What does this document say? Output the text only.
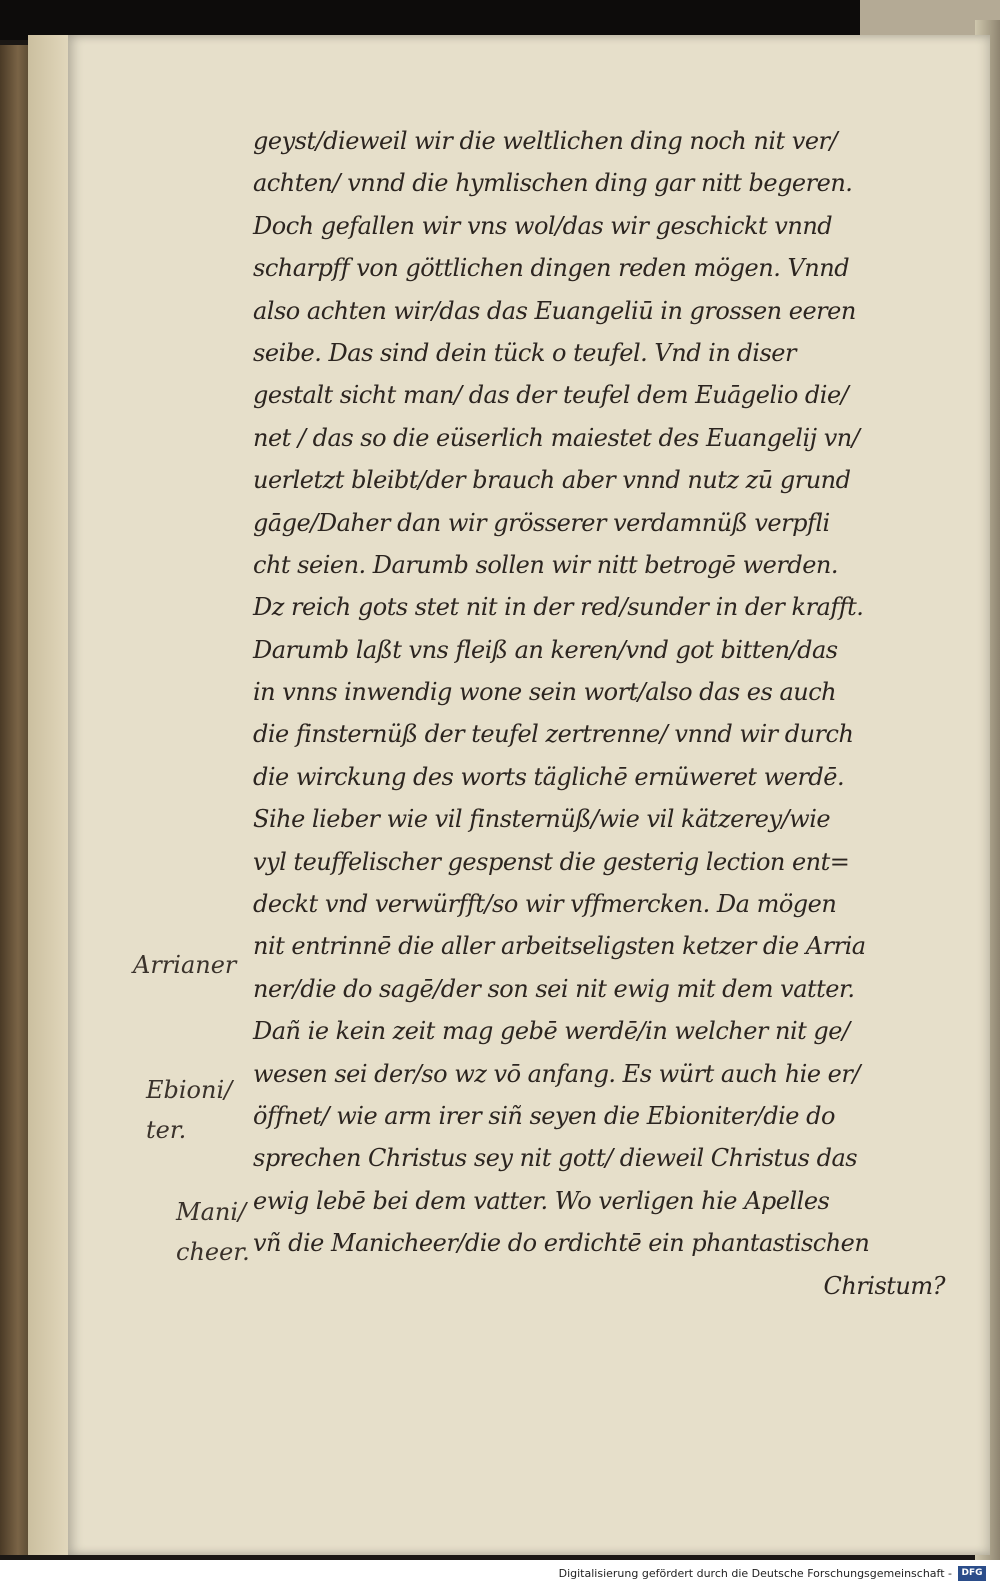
geyst/dieweil wir die weltlichen ding noch nit ver/
achten/ vnnd die hymlischen ding gar nitt begeren.
Doch gefallen wir vns wol/das wir geschickt vnnd
scharpff von göttlichen dingen reden mögen. Vnnd
also achten wir/das das Euangeliū in grossen eeren
seibe. Das sind dein tück o teufel. Vnd in diser
gestalt sicht man/ das der teufel dem Euāgelio die/
net / das so die eüserlich maiestet des Euangelij vn/
uerletzt bleibt/der brauch aber vnnd nutz zū grund
gāge/Daher dan wir grösserer verdamnüß verpfli
cht seien. Darumb sollen wir nitt betrogē werden.
Dz reich gots stet nit in der red/sunder in der krafft.
Darumb laßt vns fleiß an keren/vnd got bitten/das
in vnns inwendig wone sein wort/also das es auch
die finsternüß der teufel zertrenne/ vnnd wir durch
die wirckung des worts täglichē ernüweret werdē.
Sihe lieber wie vil finsternüß/wie vil kätzerey/wie
vyl teuffelischer gespenst die gesterig lection ent=
deckt vnd verwürfft/so wir vffmercken. Da mögen
nit entrinnē die aller arbeitseligsten ketzer die Arria
ner/die do sagē/der son sei nit ewig mit dem vatter.
Dañ ie kein zeit mag gebē werdē/in welcher nit ge/
wesen sei der/so wz vō anfang. Es würt auch hie er/
öffnet/ wie arm irer siñ seyen die Ebioniter/die do
sprechen Christus sey nit gott/ dieweil Christus das
ewig lebē bei dem vatter. Wo verligen hie Apelles
vñ die Manicheer/die do erdichtē ein phantastischen
Christum?
Arrianer
Ebioni/
ter.
Mani/
cheer.
Digitalisierung gefördert durch die Deutsche Forschungsgemeinschaft -	DFG
